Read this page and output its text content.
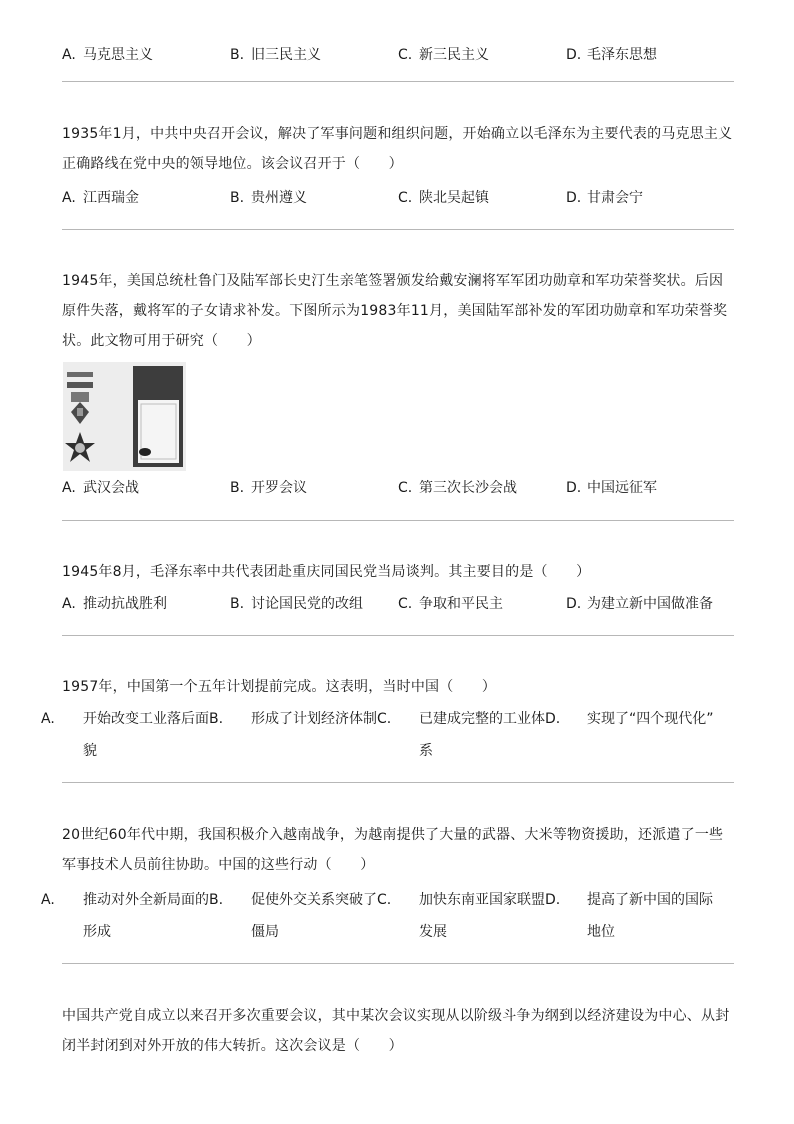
A. 马克思主义	B. 旧三民主义	C. 新三民主义	D. 毛泽东思想
1935年1月，中共中央召开会议，解决了军事问题和组织问题，开始确立以毛泽东为主要代表的马克思主义正确路线在党中央的领导地位。该会议召开于（　　）
A. 江西瑞金	B. 贵州遵义	C. 陕北吴起镇	D. 甘肃会宁
1945年，美国总统杜鲁门及陆军部长史汀生亲笔签署颁发给戴安澜将军军团功勋章和军功荣誉奖状。后因原件失落，戴将军的子女请求补发。下图所示为1983年11月，美国陆军部补发的军团功勋章和军功荣誉奖状。此文物可用于研究（　　）
A. 武汉会战	B. 开罗会议	C. 第三次长沙会战	D. 中国远征军
1945年8月，毛泽东率中共代表团赴重庆同国民党当局谈判。其主要目的是（　　）
A. 推动抗战胜利	B. 讨论国民党的改组	C. 争取和平民主	D. 为建立新中国做准备
1957年，中国第一个五年计划提前完成。这表明，当时中国（　　）
A. 开始改变工业落后面貌
B. 形成了计划经济体制 C. 已建成完整的工业体系
D. 实现了“四个现代化”
20世纪60年代中期，我国积极介入越南战争，为越南提供了大量的武器、大米等物资援助，还派遣了一些军事技术人员前往协助。中国的这些行动（　　）
A. 推动对外全新局面的形成
B. 促使外交关系突破了僵局
C. 加快东南亚国家联盟发展
D. 提高了新中国的国际地位
中国共产党自成立以来召开多次重要会议，其中某次会议实现从以阶级斗争为纲到以经济建设为中心、从封闭半封闭到对外开放的伟大转折。这次会议是（　　）
